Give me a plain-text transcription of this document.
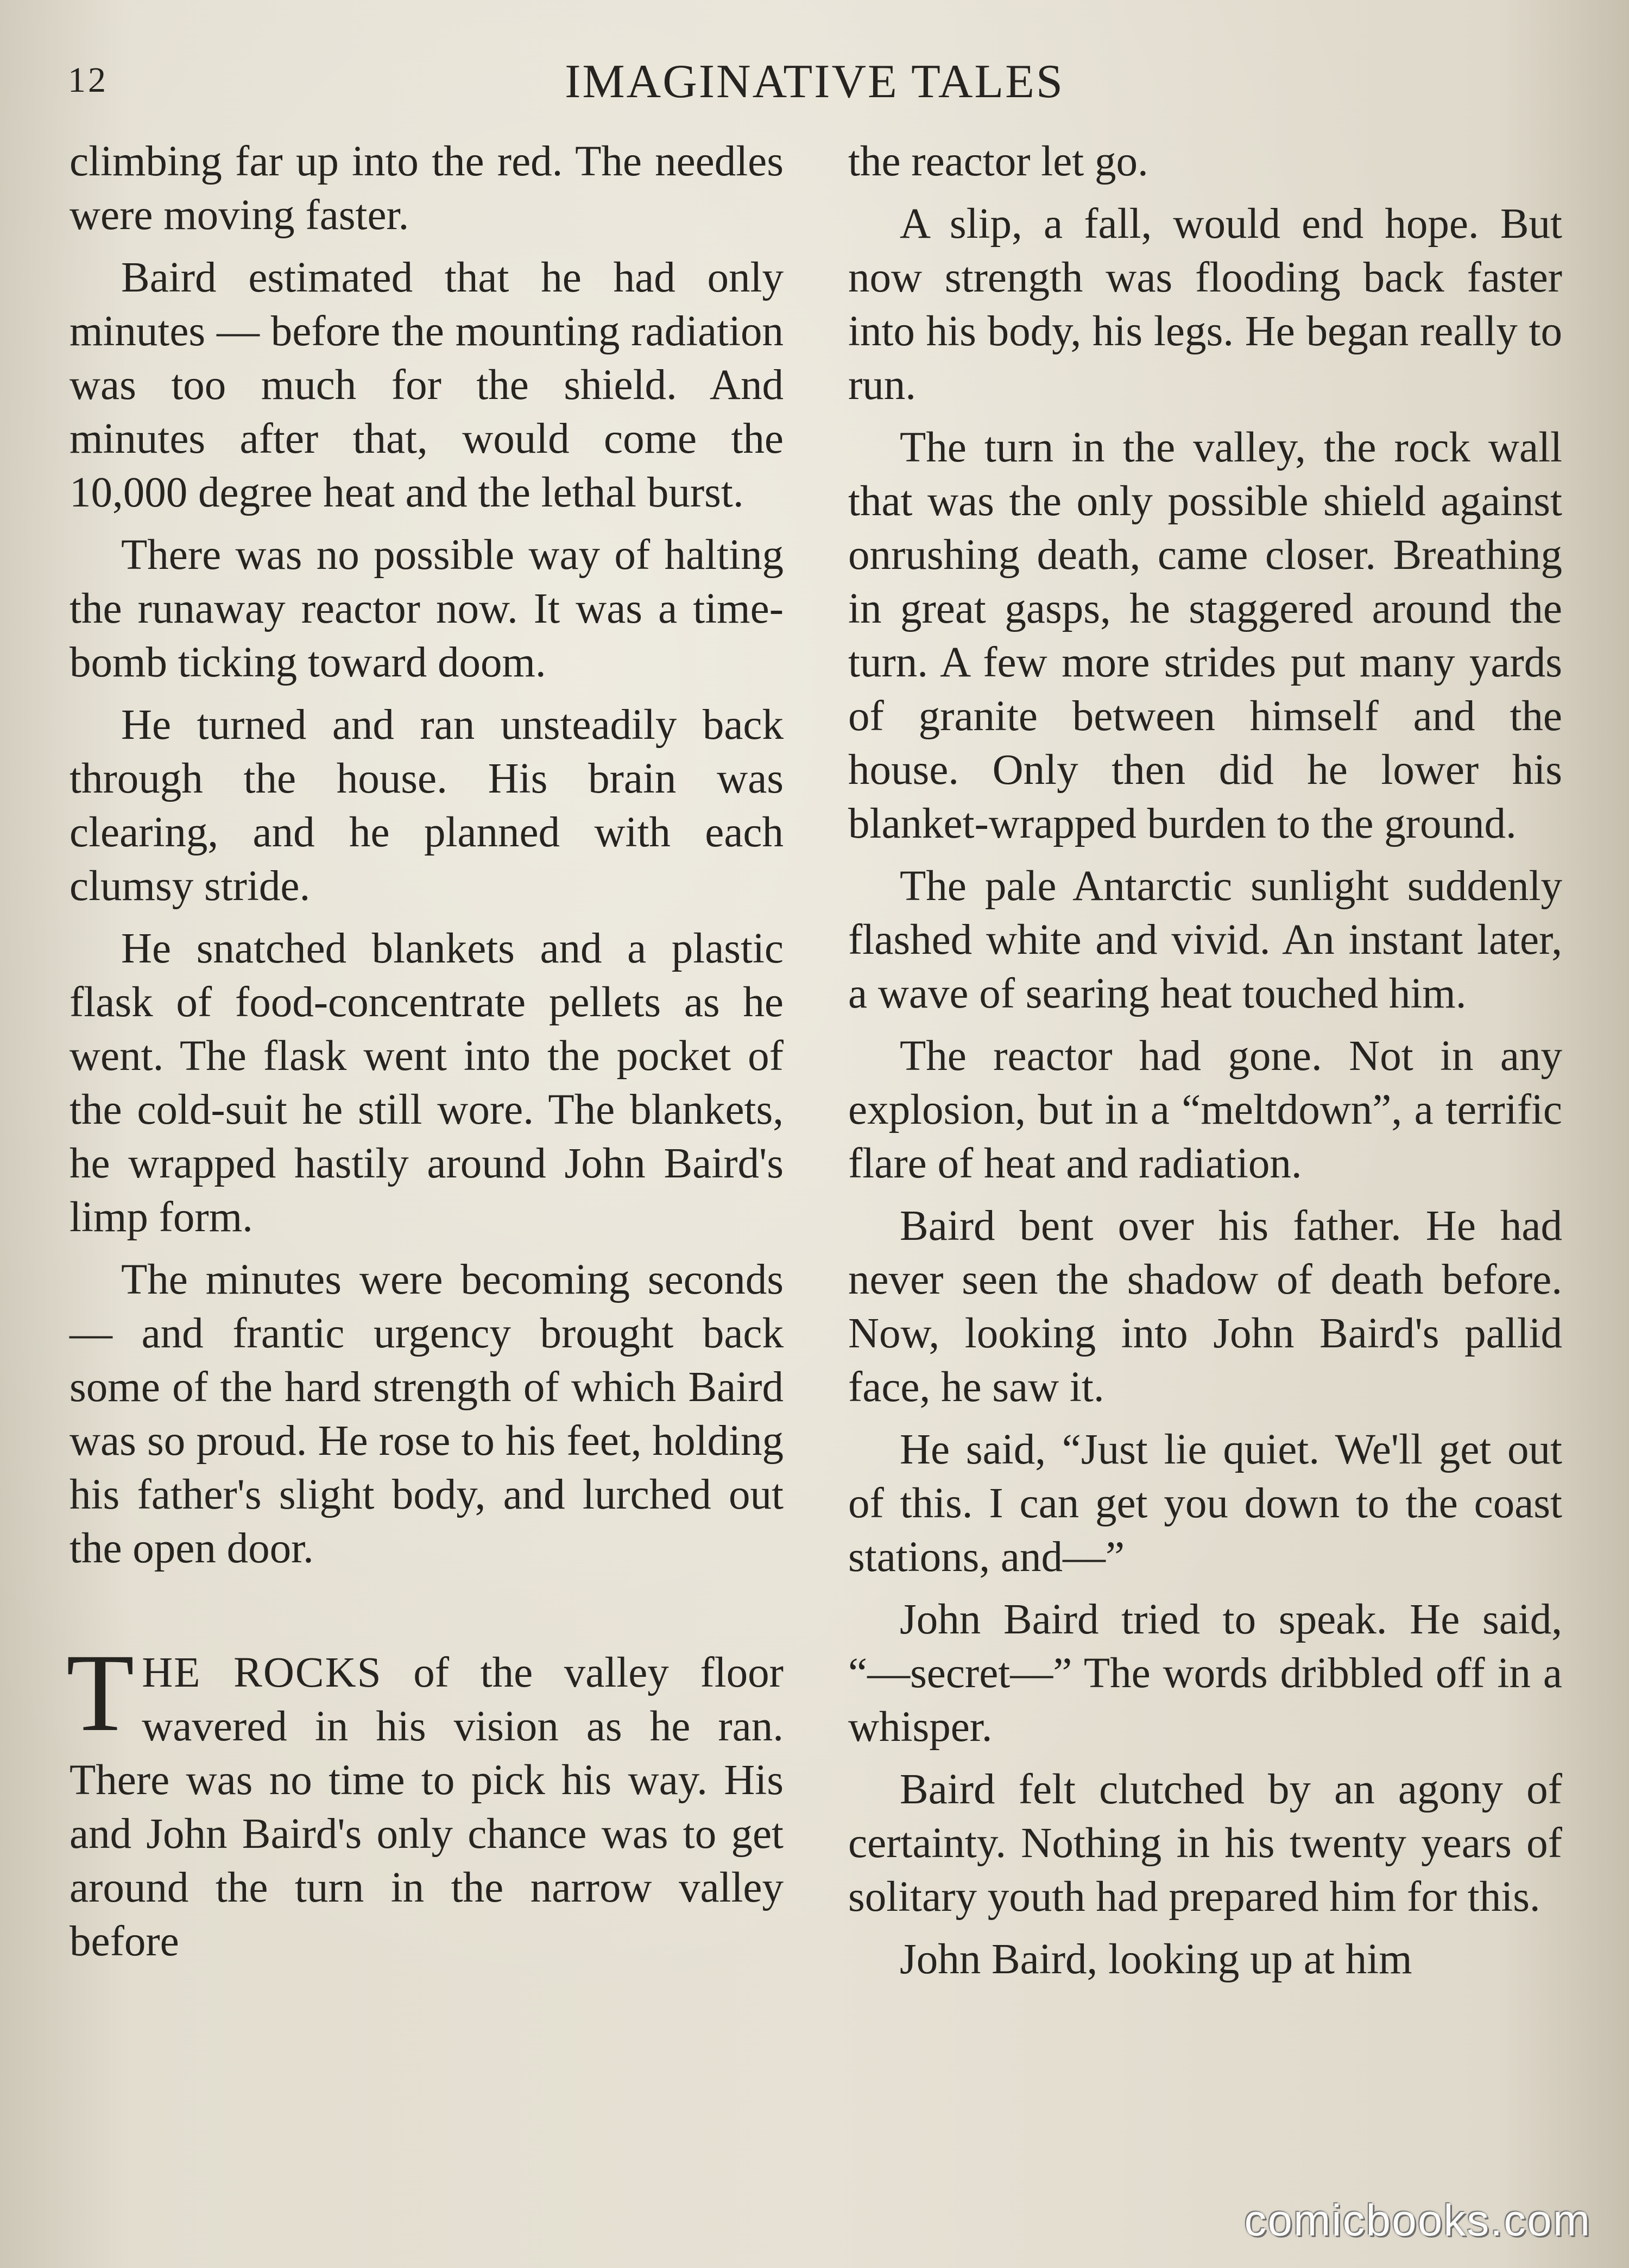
12	IMAGINATIVE TALES

climbing far up into the red. The needles were moving faster.

Baird estimated that he had only minutes — before the mounting radiation was too much for the shield. And minutes after that, would come the 10,000 degree heat and the lethal burst.

There was no possible way of halting the runaway reactor now. It was a time-bomb ticking toward doom.

He turned and ran unsteadily back through the house. His brain was clearing, and he planned with each clumsy stride.

He snatched blankets and a plastic flask of food-concentrate pellets as he went. The flask went into the pocket of the cold-suit he still wore. The blankets, he wrapped hastily around John Baird's limp form.

The minutes were becoming seconds — and frantic urgency brought back some of the hard strength of which Baird was so proud. He rose to his feet, holding his father's slight body, and lurched out the open door.

THE ROCKS of the valley floor wavered in his vision as he ran. There was no time to pick his way. His and John Baird's only chance was to get around the turn in the narrow valley before

the reactor let go.

A slip, a fall, would end hope. But now strength was flooding back faster into his body, his legs. He began really to run.

The turn in the valley, the rock wall that was the only possible shield against onrushing death, came closer. Breathing in great gasps, he staggered around the turn. A few more strides put many yards of granite between himself and the house. Only then did he lower his blanket-wrapped burden to the ground.

The pale Antarctic sunlight suddenly flashed white and vivid. An instant later, a wave of searing heat touched him.

The reactor had gone. Not in any explosion, but in a “meltdown”, a terrific flare of heat and radiation.

Baird bent over his father. He had never seen the shadow of death before. Now, looking into John Baird's pallid face, he saw it.

He said, “Just lie quiet. We'll get out of this. I can get you down to the coast stations, and—”

John Baird tried to speak. He said, “—secret—” The words dribbled off in a whisper.

Baird felt clutched by an agony of certainty. Nothing in his twenty years of solitary youth had prepared him for this.

John Baird, looking up at him

comicbooks.com
